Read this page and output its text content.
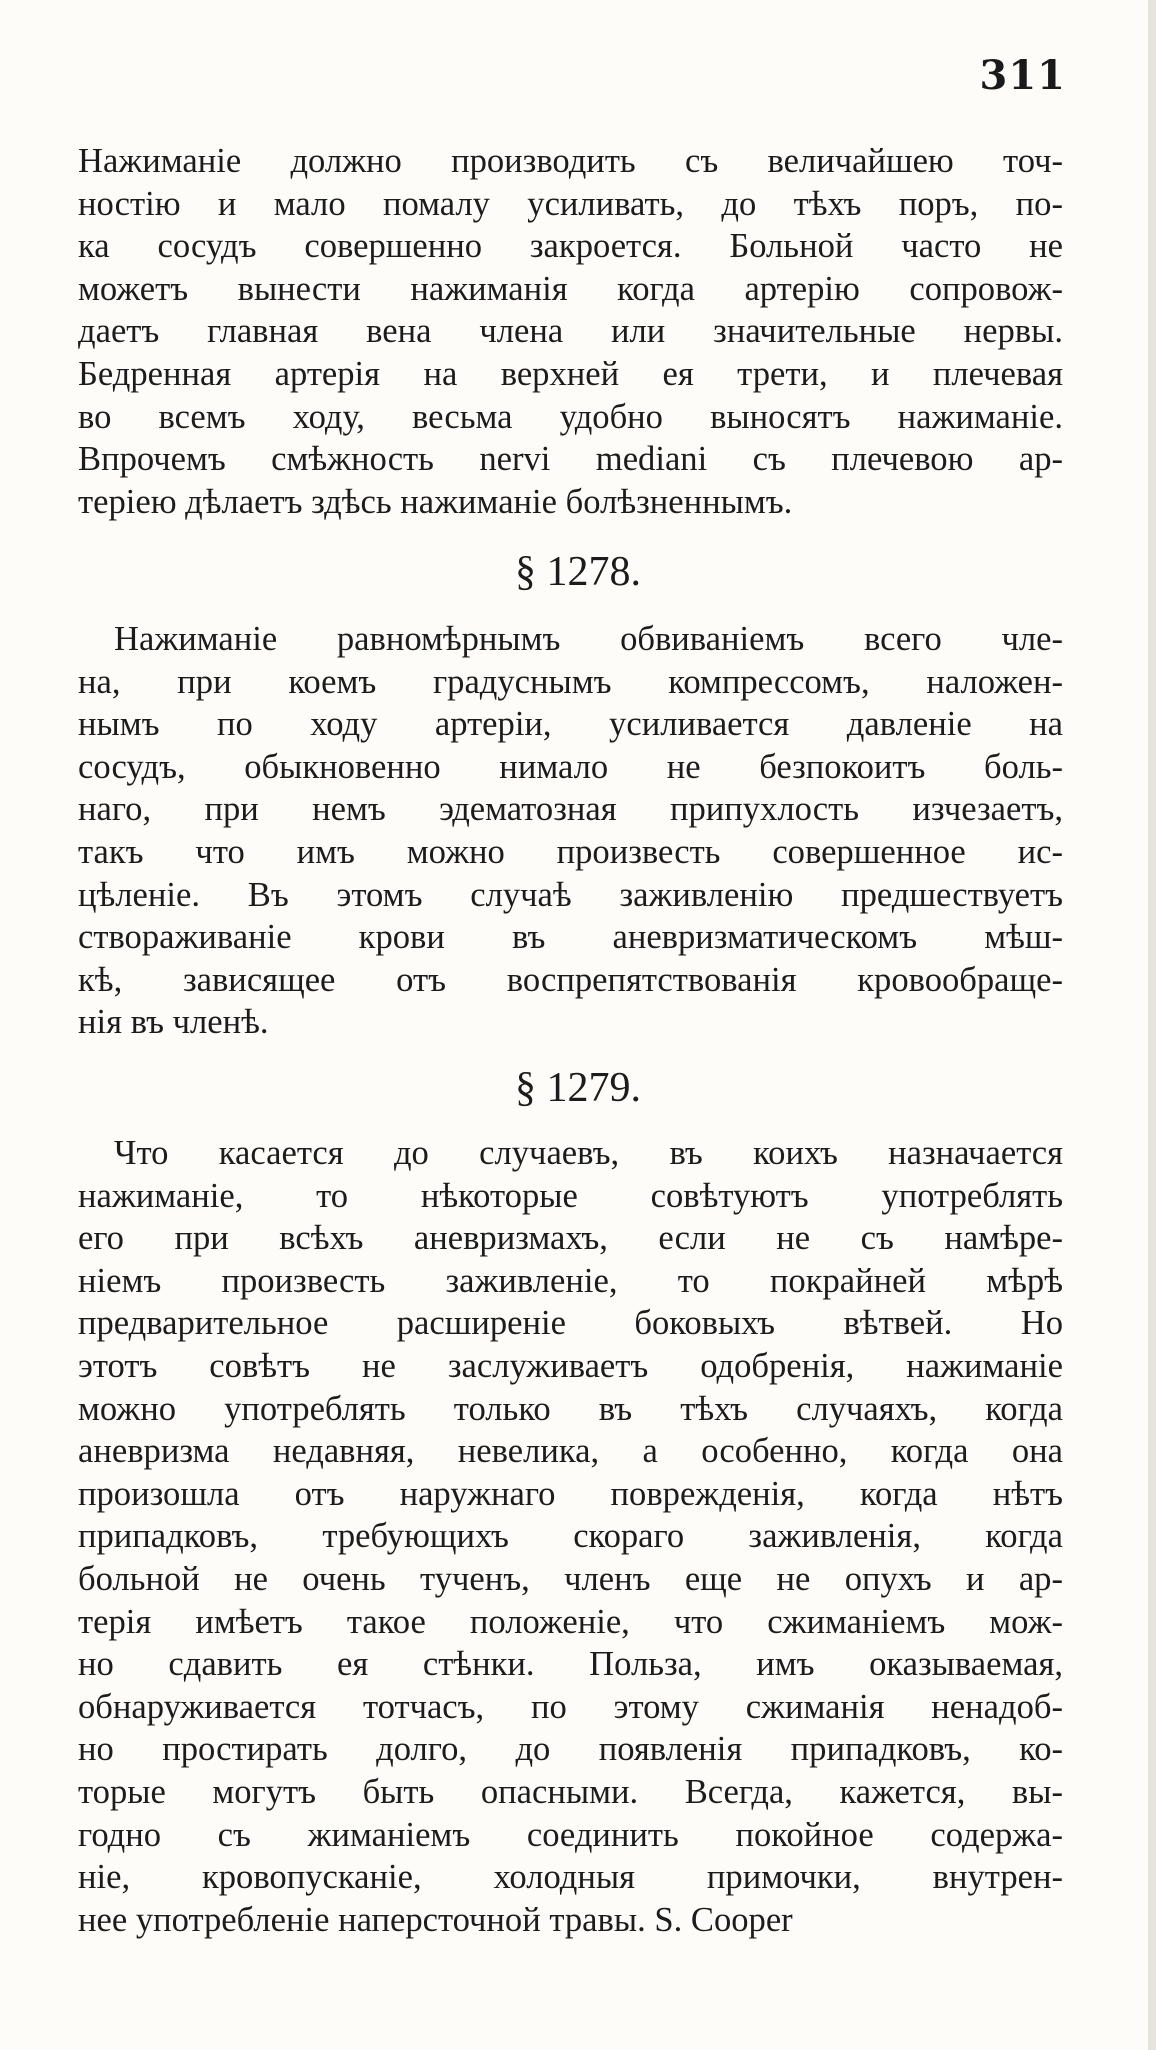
311
Нажиманіе должно производить съ величайшею точ-
ностію и мало помалу усиливать, до тѣхъ поръ, по-
ка сосудъ совершенно закроется. Больной часто не
можетъ вынести нажиманія когда артерію сопровож-
даетъ главная вена члена или значительные нервы.
Бедренная артерія на верхней ея трети, и плечевая
во всемъ ходу, весьма удобно выносятъ нажиманіе.
Впрочемъ смѣжность nervi mediani съ плечевою ар-
теріею дѣлаетъ здѣсь нажиманіе болѣзненнымъ.
§ 1278.
Нажиманіе равномѣрнымъ обвиваніемъ всего чле-
на, при коемъ градуснымъ компрессомъ, наложен-
нымъ по ходу артеріи, усиливается давленіе на
сосудъ, обыкновенно нимало не безпокоитъ боль-
наго, при немъ эдематозная припухлость изчезаетъ,
такъ что имъ можно произвесть совершенное ис-
цѣленіе. Въ этомъ случаѣ заживленію предшествуетъ
створаживаніе крови въ аневризматическомъ мѣш-
кѣ, зависящее отъ воспрепятствованія кровообраще-
нія въ членѣ.
§ 1279.
Что касается до случаевъ, въ коихъ назначается
нажиманіе, то нѣкоторые совѣтуютъ употреблять
его при всѣхъ аневризмахъ, если не съ намѣре-
ніемъ произвесть заживленіе, то покрайней мѣрѣ
предварительное расширеніе боковыхъ вѣтвей. Но
этотъ совѣтъ не заслуживаетъ одобренія, нажиманіе
можно употреблять только въ тѣхъ случаяхъ, когда
аневризма недавняя, невелика, а особенно, когда она
произошла отъ наружнаго поврежденія, когда нѣтъ
припадковъ, требующихъ скораго заживленія, когда
больной не очень тученъ, членъ еще не опухъ и ар-
терія имѣетъ такое положеніе, что сжиманіемъ мож-
но сдавить ея стѣнки. Польза, имъ оказываемая,
обнаруживается тотчасъ, по этому сжиманія ненадоб-
но простирать долго, до появленія припадковъ, ко-
торые могутъ быть опасными. Всегда, кажется, вы-
годно съ жиманіемъ соединить покойное содержа-
ніе, кровопусканіе, холодныя примочки, внутрен-
нее употребленіе наперсточной травы. S. Cooper
